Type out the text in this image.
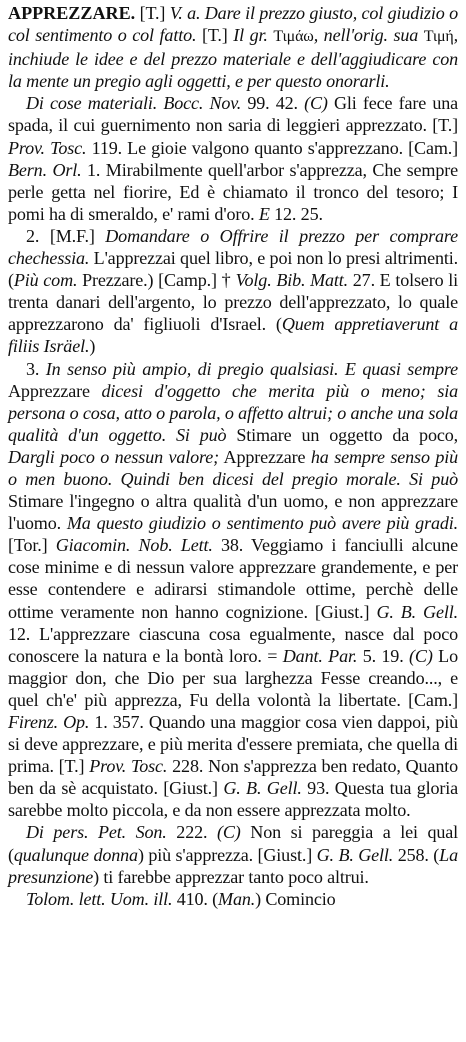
APPREZZARE. [T.] V. a. Dare il prezzo giusto, col giudizio o col sentimento o col fatto. [T.] Il gr. Τιμάω, nell'orig. sua Τιμή, inchiude le idee e del prezzo materiale e dell'aggiudicare con la mente un pregio agli oggetti, e per questo onorarli.

Di cose materiali. Bocc. Nov. 99. 42. (C) Gli fece fare una spada, il cui guernimento non saria di leggieri apprezzato. [T.] Prov. Tosc. 119. Le gioie valgono quanto s'apprezzano. [Cam.] Bern. Orl. 1. Mirabilmente quell'arbor s'apprezza, Che sempre perle getta nel fiorire, Ed è chiamato il tronco del tesoro; I pomi ha di smeraldo, e' rami d'oro. E 12. 25.

2. [M.F.] Domandare o Offrire il prezzo per comprare chechessia. L'apprezzai quel libro, e poi non lo presi altrimenti. (Più com. Prezzare.) [Camp.] † Volg. Bib. Matt. 27. E tolsero li trenta danari dell'argento, lo prezzo dell'apprezzato, lo quale apprezzarono da' figliuoli d'Israel. (Quem appretiaverunt a filiis Isräel.)

3. In senso più ampio, di pregio qualsiasi. E quasi sempre Apprezzare dicesi d'oggetto che merita più o meno; sia persona o cosa, atto o parola, o affetto altrui; o anche una sola qualità d'un oggetto. Si può Stimare un oggetto da poco, Dargli poco o nessun valore; Apprezzare ha sempre senso più o men buono. Quindi ben dicesi del pregio morale. Si può Stimare l'ingegno o altra qualità d'un uomo, e non apprezzare l'uomo. Ma questo giudizio o sentimento può avere più gradi. [Tor.] Giacomin. Nob. Lett. 38. Veggiamo i fanciulli alcune cose minime e di nessun valore apprezzare grandemente, e per esse contendere e adirarsi stimandole ottime, perchè delle ottime veramente non hanno cognizione. [Giust.] G. B. Gell. 12. L'apprezzare ciascuna cosa egualmente, nasce dal poco conoscere la natura e la bontà loro. = Dant. Par. 5. 19. (C) Lo maggior don, che Dio per sua larghezza Fesse creando..., e quel ch'e' più apprezza, Fu della volontà la libertate. [Cam.] Firenz. Op. 1. 357. Quando una maggior cosa vien dappoi, più si deve apprezzare, e più merita d'essere premiata, che quella di prima. [T.] Prov. Tosc. 228. Non s'apprezza ben redato, Quanto ben da sè acquistato. [Giust.] G. B. Gell. 93. Questa tua gloria sarebbe molto piccola, e da non essere apprezzata molto.

Di pers. Pet. Son. 222. (C) Non si pareggia a lei qual (qualunque donna) più s'apprezza. [Giust.] G. B. Gell. 258. (La presunzione) ti farebbe apprezzar tanto poco altrui.

Tolom. lett. Uom. ill. 410. (Man.) Comincio
